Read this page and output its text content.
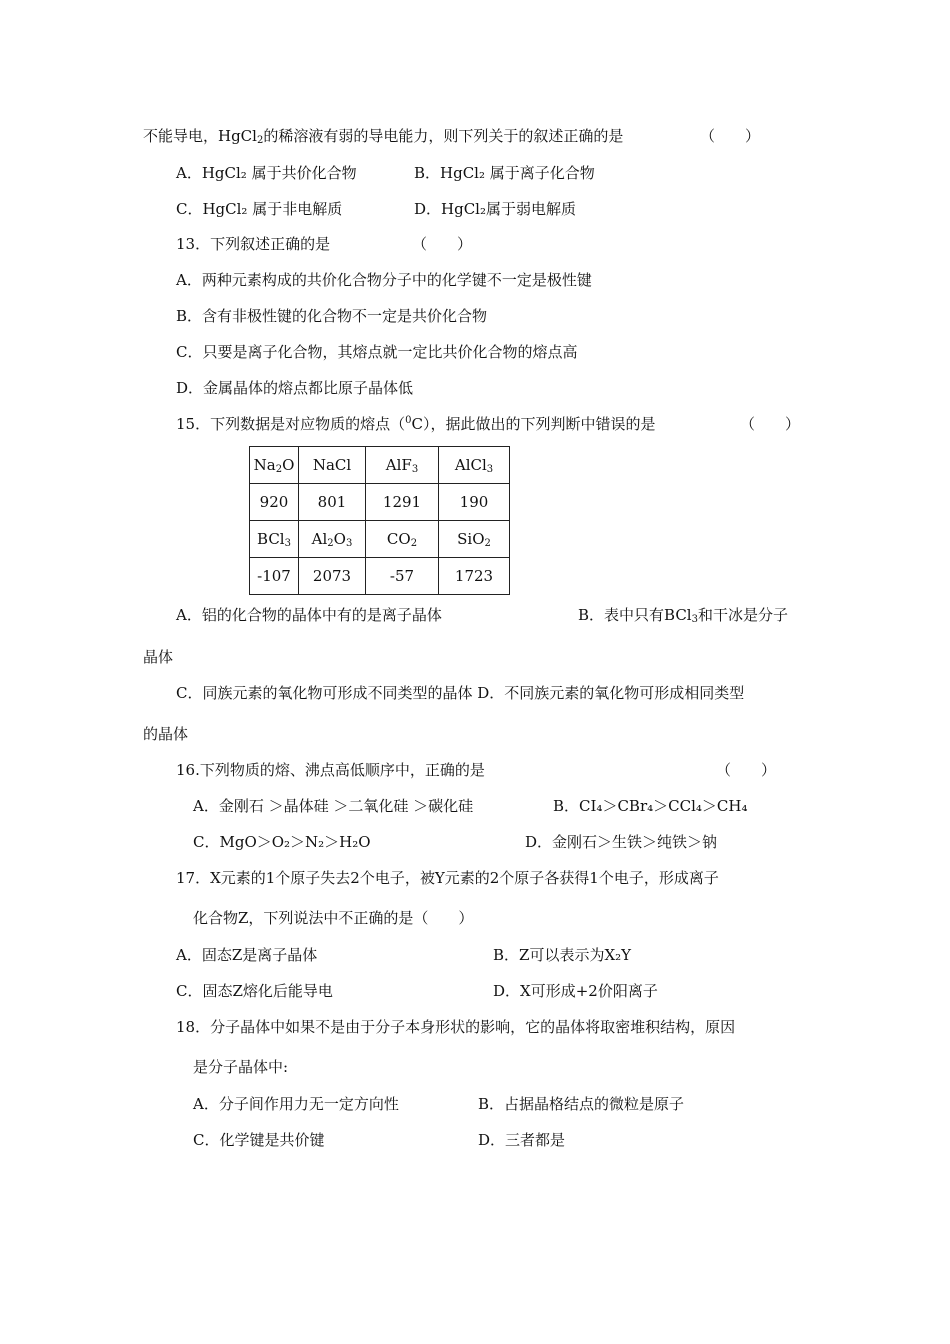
不能导电，HgCl$_2$的稀溶液有弱的导电能力，则下列关于的叙述正确的是	（　　）
A．HgCl₂ 属于共价化合物	B．HgCl₂ 属于离子化合物
C．HgCl₂ 属于非电解质	D．HgCl₂属于弱电解质
13．下列叙述正确的是	（　　）
A．两种元素构成的共价化合物分子中的化学键不一定是极性键
B．含有非极性键的化合物不一定是共价化合物
C．只要是离子化合物，其熔点就一定比共价化合物的熔点高
D．金属晶体的熔点都比原子晶体低
15．下列数据是对应物质的熔点（$^0$C），据此做出的下列判断中错误的是	（　　）
$Na_2O$	NaCl	AlF$_3$	AlCl$_3$
920	801	1291	190
BCl$_3$	$Al_2O_3$	$CO_2$	SiO$_2$
-107	2073	-57	1723
A．铝的化合物的晶体中有的是离子晶体	B．表中只有BCl$_3$和干冰是分子
晶体
C．同族元素的氧化物可形成不同类型的晶体 D．不同族元素的氧化物可形成相同类型
的晶体
16.下列物质的熔、沸点高低顺序中，正确的是	（　　）
A．金刚石 ＞晶体硅 ＞二氧化硅 ＞碳化硅	B．CI₄＞CBr₄＞CCl₄＞CH₄
C．MgO＞O₂＞N₂＞H₂O	D．金刚石＞生铁＞纯铁＞钠
17．X元素的1个原子失去2个电子，被Y元素的2个原子各获得1个电子，形成离子
化合物Z，下列说法中不正确的是（　　）
A．固态Z是离子晶体	B．Z可以表示为X₂Y
C．固态Z熔化后能导电	D．X可形成+2价阳离子
18．分子晶体中如果不是由于分子本身形状的影响，它的晶体将取密堆积结构，原因
是分子晶体中:
A．分子间作用力无一定方向性	B．占据晶格结点的微粒是原子
C．化学键是共价键	D．三者都是
